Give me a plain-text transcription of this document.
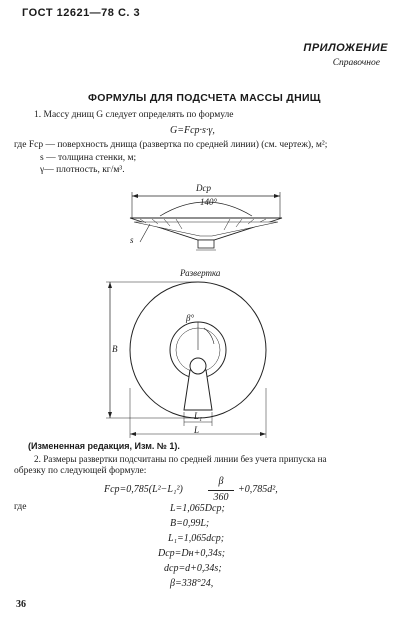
ГОСТ 12621—78 С. 3
ПРИЛОЖЕНИЕ
Справочное
ФОРМУЛЫ ДЛЯ ПОДСЧЕТА МАССЫ ДНИЩ
1. Массу днищ G следует определять по формуле
G=Fср·s·γ,
где Fср — поверхность днища (развертка по средней линии) (см. чертеж), м²;
s — толщина стенки, м;
γ— плотность, кг/м³.
Dср
140°
s
Развертка
β°
B
L₁
L
(Измененная редакция, Изм. № 1).
2. Размеры развертки подсчитаны по средней линии без учета припуска на
обрезку по следующей формуле:
Fср=0,785(L²−L₁²)
β
360
+0,785d²,
где	L=1,065Dср;
B=0,99L;
L₁=1,065dср;
Dср=Dн+0,34s;
dср=d+0,34s;
β=338°24,
36
